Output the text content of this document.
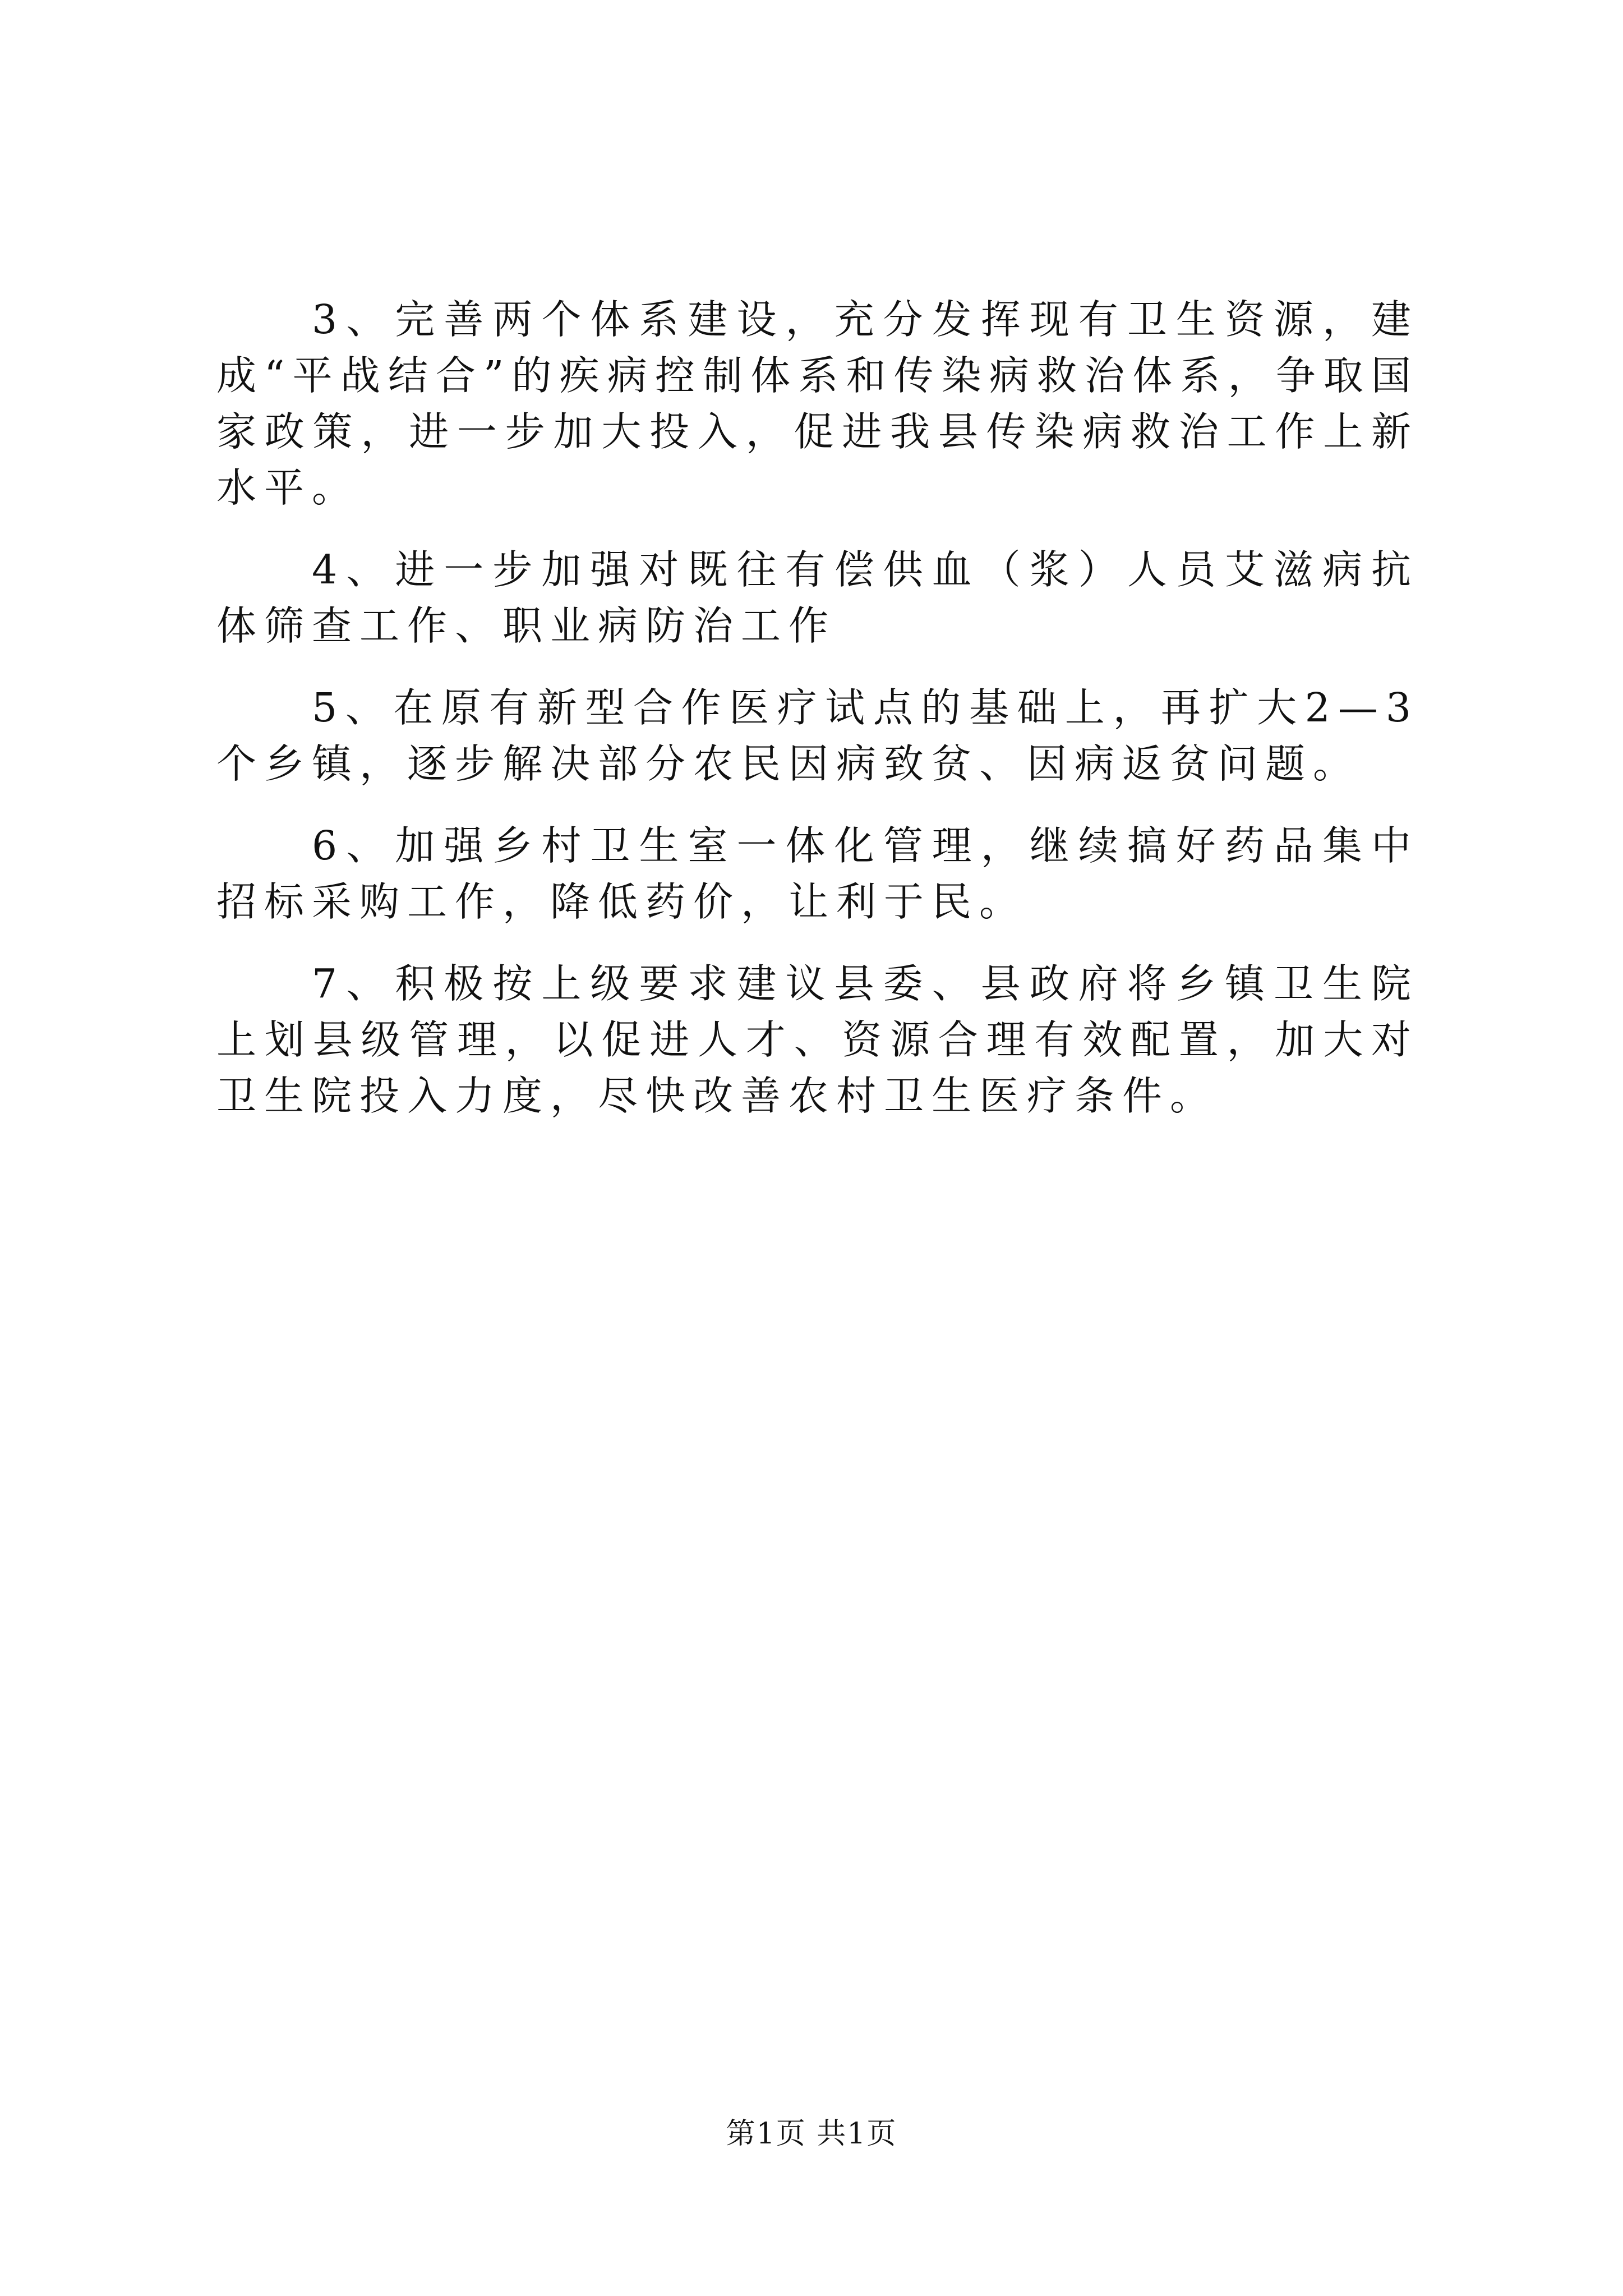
3、完善两个体系建设，充分发挥现有卫生资源，建成“平战结合”的疾病控制体系和传染病救治体系，争取国家政策，进一步加大投入，促进我县传染病救治工作上新水平。

4、进一步加强对既往有偿供血（浆）人员艾滋病抗体筛查工作、职业病防治工作

5、在原有新型合作医疗试点的基础上，再扩大2—3个乡镇，逐步解决部分农民因病致贫、因病返贫问题。

6、加强乡村卫生室一体化管理，继续搞好药品集中招标采购工作，降低药价，让利于民。

7、积极按上级要求建议县委、县政府将乡镇卫生院上划县级管理，以促进人才、资源合理有效配置，加大对卫生院投入力度，尽快改善农村卫生医疗条件。

第1页 共1页
